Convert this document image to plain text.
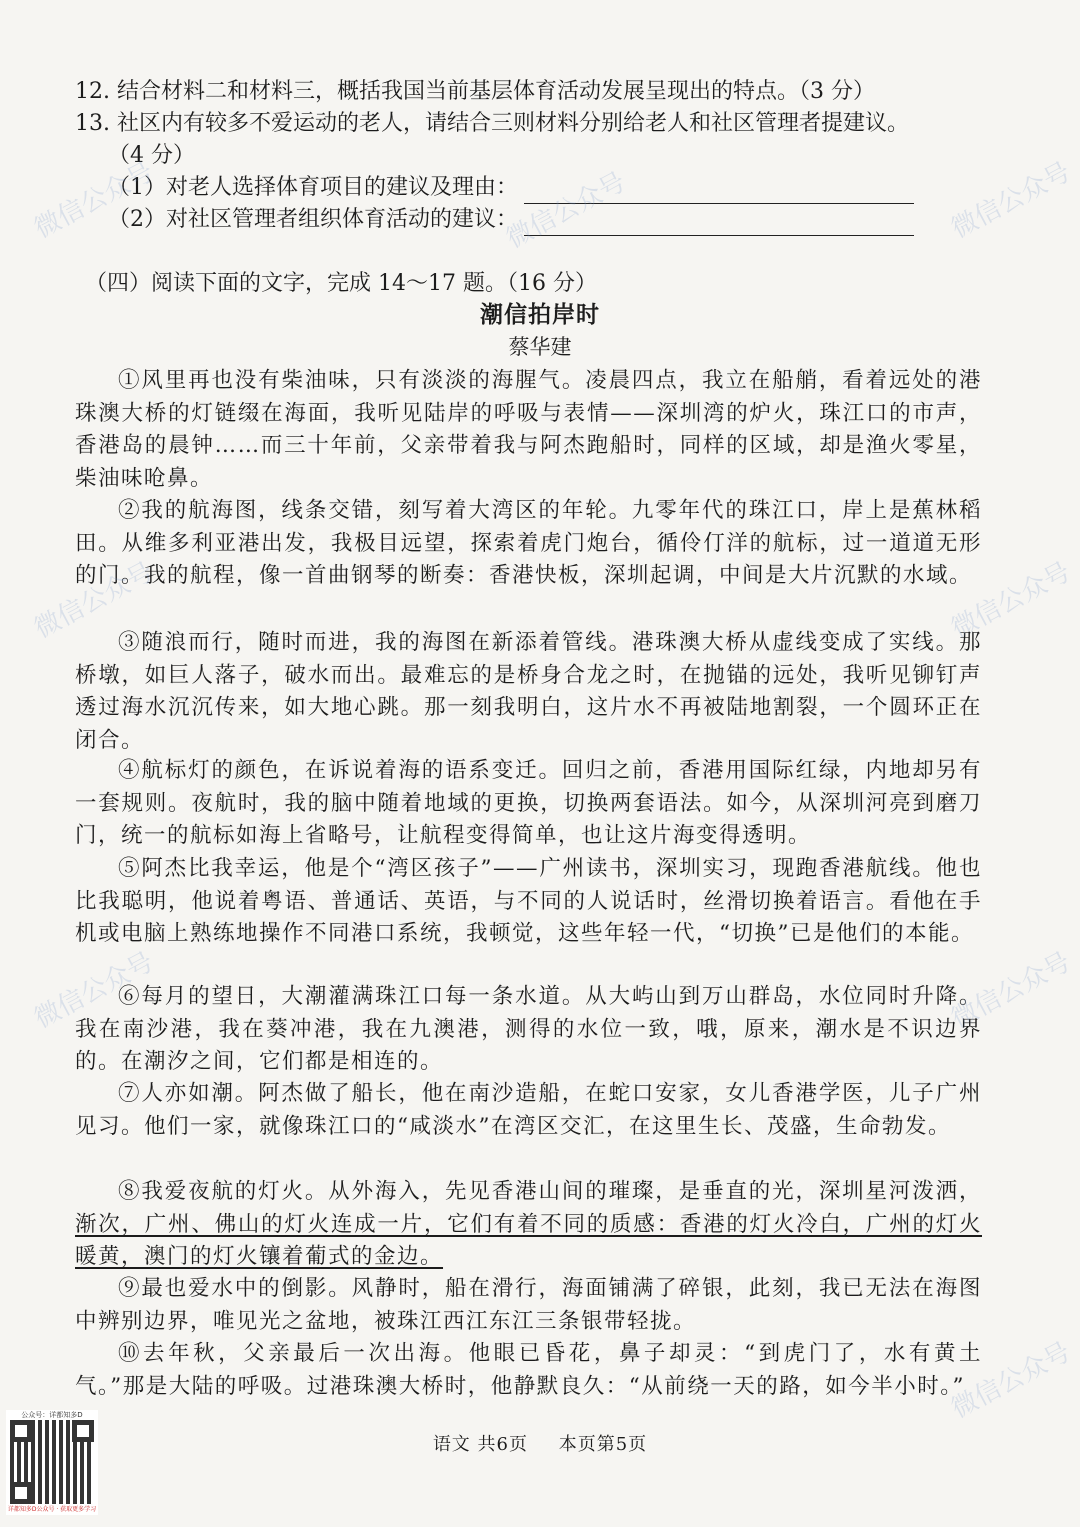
12. 结合材料二和材料三，概括我国当前基层体育活动发展呈现出的特点。（3 分）
13. 社区内有较多不爱运动的老人，请结合三则材料分别给老人和社区管理者提建议。
（4 分）
（1）对老人选择体育项目的建议及理由：
（2）对社区管理者组织体育活动的建议：
（四）阅读下面的文字，完成 14～17 题。（16 分）
潮信拍岸时
蔡华建
①风里再也没有柴油味，只有淡淡的海腥气。凌晨四点，我立在船艄，看着远处的港珠澳大桥的灯链缀在海面，我听见陆岸的呼吸与表情——深圳湾的炉火，珠江口的市声，香港岛的晨钟……而三十年前，父亲带着我与阿杰跑船时，同样的区域，却是渔火零星，柴油味呛鼻。
②我的航海图，线条交错，刻写着大湾区的年轮。九零年代的珠江口，岸上是蕉林稻田。从维多利亚港出发，我极目远望，探索着虎门炮台，循伶仃洋的航标，过一道道无形的门。我的航程，像一首曲钢琴的断奏：香港快板，深圳起调，中间是大片沉默的水域。
③随浪而行，随时而进，我的海图在新添着管线。港珠澳大桥从虚线变成了实线。那桥墩，如巨人落子，破水而出。最难忘的是桥身合龙之时，在抛锚的远处，我听见铆钉声透过海水沉沉传来，如大地心跳。那一刻我明白，这片水不再被陆地割裂，一个圆环正在闭合。
④航标灯的颜色，在诉说着海的语系变迁。回归之前，香港用国际红绿，内地却另有一套规则。夜航时，我的脑中随着地域的更换，切换两套语法。如今，从深圳河亮到磨刀门，统一的航标如海上省略号，让航程变得简单，也让这片海变得透明。
⑤阿杰比我幸运，他是个“湾区孩子”——广州读书，深圳实习，现跑香港航线。他也比我聪明，他说着粤语、普通话、英语，与不同的人说话时，丝滑切换着语言。看他在手机或电脑上熟练地操作不同港口系统，我顿觉，这些年轻一代，“切换”已是他们的本能。
⑥每月的望日，大潮灌满珠江口每一条水道。从大屿山到万山群岛，水位同时升降。我在南沙港，我在葵冲港，我在九澳港，测得的水位一致，哦，原来，潮水是不识边界的。在潮汐之间，它们都是相连的。
⑦人亦如潮。阿杰做了船长，他在南沙造船，在蛇口安家，女儿香港学医，儿子广州见习。他们一家，就像珠江口的“咸淡水”在湾区交汇，在这里生长、茂盛，生命勃发。
⑧我爱夜航的灯火。从外海入，先见香港山间的璀璨，是垂直的光，深圳星河泼洒，渐次，广州、佛山的灯火连成一片，它们有着不同的质感：香港的灯火冷白，广州的灯火暖黄，澳门的灯火镶着葡式的金边。
⑨最也爱水中的倒影。风静时，船在滑行，海面铺满了碎银，此刻，我已无法在海图中辨别边界，唯见光之盆地，被珠江西江东江三条银带轻拢。
⑩去年秋，父亲最后一次出海。他眼已昏花，鼻子却灵：“到虎门了，水有黄土气。”那是大陆的呼吸。过港珠澳大桥时，他静默良久：“从前绕一天的路，如今半小时。”
语文 共6页 本页第5页
微信公众号	微信公众号	微信公众号
微信公众号	微信公众号
微信公众号	微信公众号
微信公众号
公众号：详都知多D
详都知多D公众号 · 获取更多学习
